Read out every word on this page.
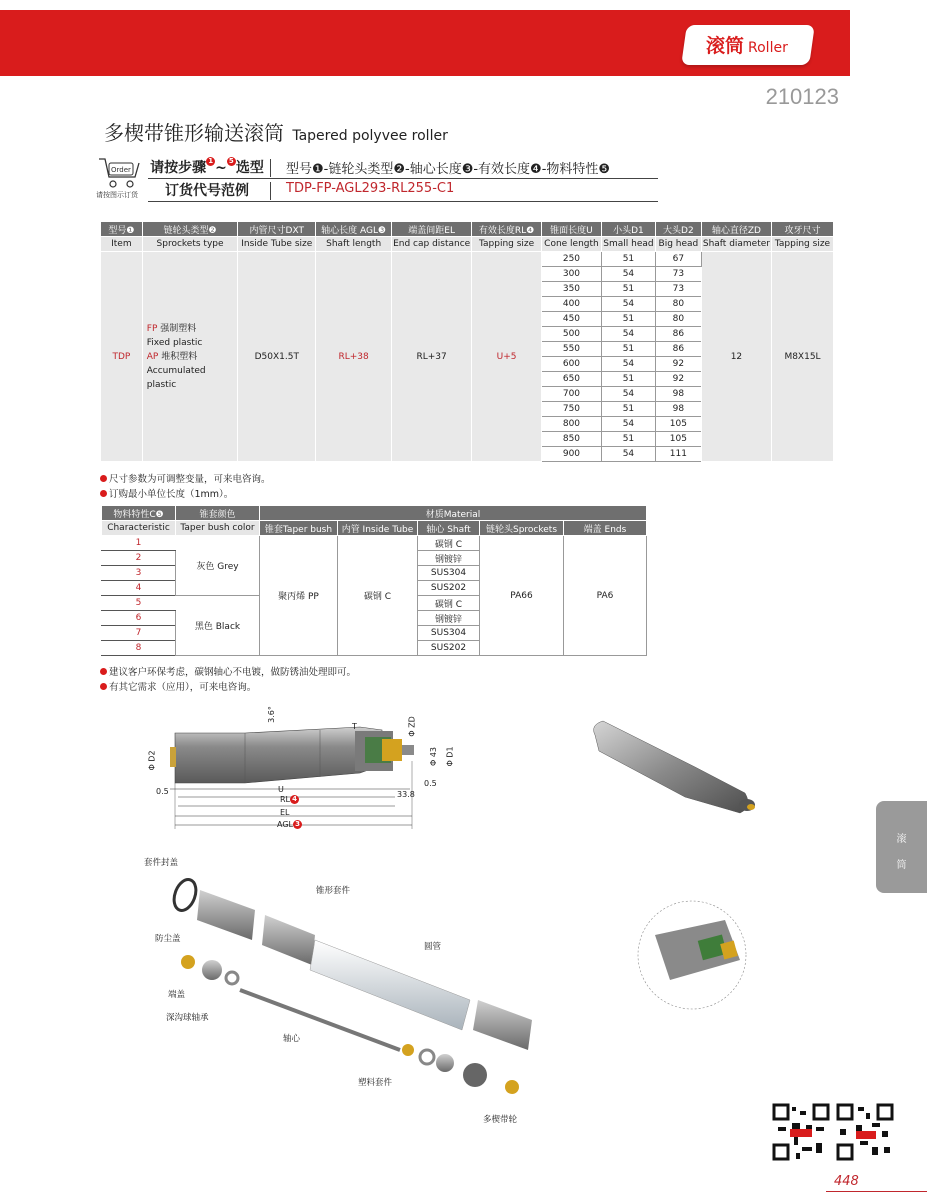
滚筒 Roller
210123
多楔带锥形输送滚筒 Tapered polyvee roller
Order
请按图示订货
请按步骤 1 ~ 5 选型 型号❶-链轮头类型❷-轴心长度❸-有效长度❹-物料特性❺
订货代号范例	TDP-FP-AGL293-RL255-C1
型号❶	链轮头类型❷	内管尺寸DXT	轴心长度 AGL❸	端盖间距EL	有效长度RL❹	锥面长度U	小头D1	大头D2	轴心直径ZD	攻牙尺寸
Item	Sprockets type	Inside Tube size	Shaft length	End cap distance	Tapping size	Cone length	Small head	Big head	Shaft diameter	Tapping size
TDP	FP 强制塑料
Fixed plastic
AP 堆积塑料
Accumulated plastic	D50X1.5T	RL+38	RL+37	U+5	250	51	67	12	M8X15L
						300	54	73		
						350	51	73		
						400	54	80		
						450	51	80		
						500	54	86		
						550	51	86		
						600	54	92		
						650	51	92		
						700	54	98		
						750	51	98		
						800	54	105		
						850	51	105		
						900	54	111		
尺寸参数为可调整变量，可来电咨询。
订购最小单位长度（1mm）。
物料特性C❺	锥套颜色	材质Material				
Characteristic	Taper bush color	锥套Taper bush	内管 Inside Tube	轴心 Shaft	链轮头Sprockets	端盖 Ends
1	灰色 Grey	聚丙烯 PP	碳钢 C	碳钢 C	PA66	PA6
2				钢镀锌		
3				SUS304		
4				SUS202		
5	黑色 Black			碳钢 C		
6				钢镀锌		
7				SUS304		
8				SUS202		
建议客户环保考虑，碳钢轴心不电镀，做防锈油处理即可。
有其它需求（应用），可来电咨询。
3.6°
T	Φ ZD
Φ 43 Φ D1
Φ D2
0.5
0.5
U
RL 4	33.8
EL
AGL 3
套件封盖
锥形套件
防尘盖
圆管
端盖
深沟球轴承
轴心
塑料套件
多楔带轮
滚
筒
448
